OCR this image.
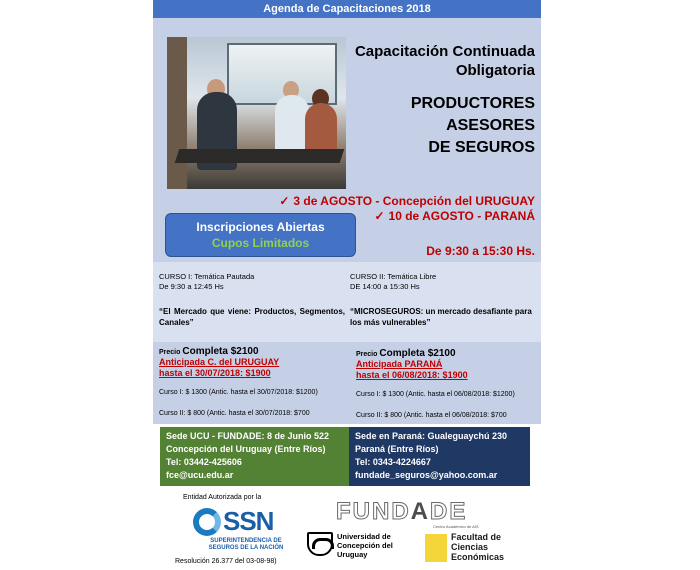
Agenda de Capacitaciones 2018
Capacitación Continuada
Obligatoria
PRODUCTORES
ASESORES
DE SEGUROS
✓ 3 de AGOSTO - Concepción del URUGUAY
✓ 10 de AGOSTO - PARANÁ
Inscripciones Abiertas
Cupos Limitados
De 9:30 a 15:30 Hs.
CURSO I: Temática Pautada
De 9:30 a 12:45 Hs
“El Mercado que viene: Productos, Segmentos, Canales”
CURSO II: Temática Libre
DE 14:00 a 15:30 Hs
“MICROSEGUROS: un mercado desafiante para los más vulnerables”
Precio Completa $2100
Anticipada C. del URUGUAY
hasta el 30/07/2018: $1900
Curso I: $ 1300 (Antic. hasta el 30/07/2018: $1200)
Curso II: $ 800 (Antic. hasta el 30/07/2018: $700
Precio Completa $2100
Anticipada PARANÁ
hasta el 06/08/2018: $1900
Curso I: $ 1300 (Antic. hasta el 06/08/2018: $1200)
Curso II: $ 800 (Antic. hasta el 06/08/2018: $700
Sede UCU - FUNDADE: 8 de Junio 522
Concepción del Uruguay (Entre Ríos)
Tel: 03442-425606
fce@ucu.edu.ar
Sede en Paraná: Gualeguaychú 230
Paraná (Entre Ríos)
Tel: 0343-4224667
fundade_seguros@yahoo.com.ar
Entidad Autorizada por la
SSN
SUPERINTENDENCIA DE
SEGUROS DE LA NACIÓN
Resolución 26.377 del 03-08-98)
FUNDADE
Centro Académico de AIS
Universidad de
Concepción del
Uruguay
Facultad de
Ciencias
Económicas
